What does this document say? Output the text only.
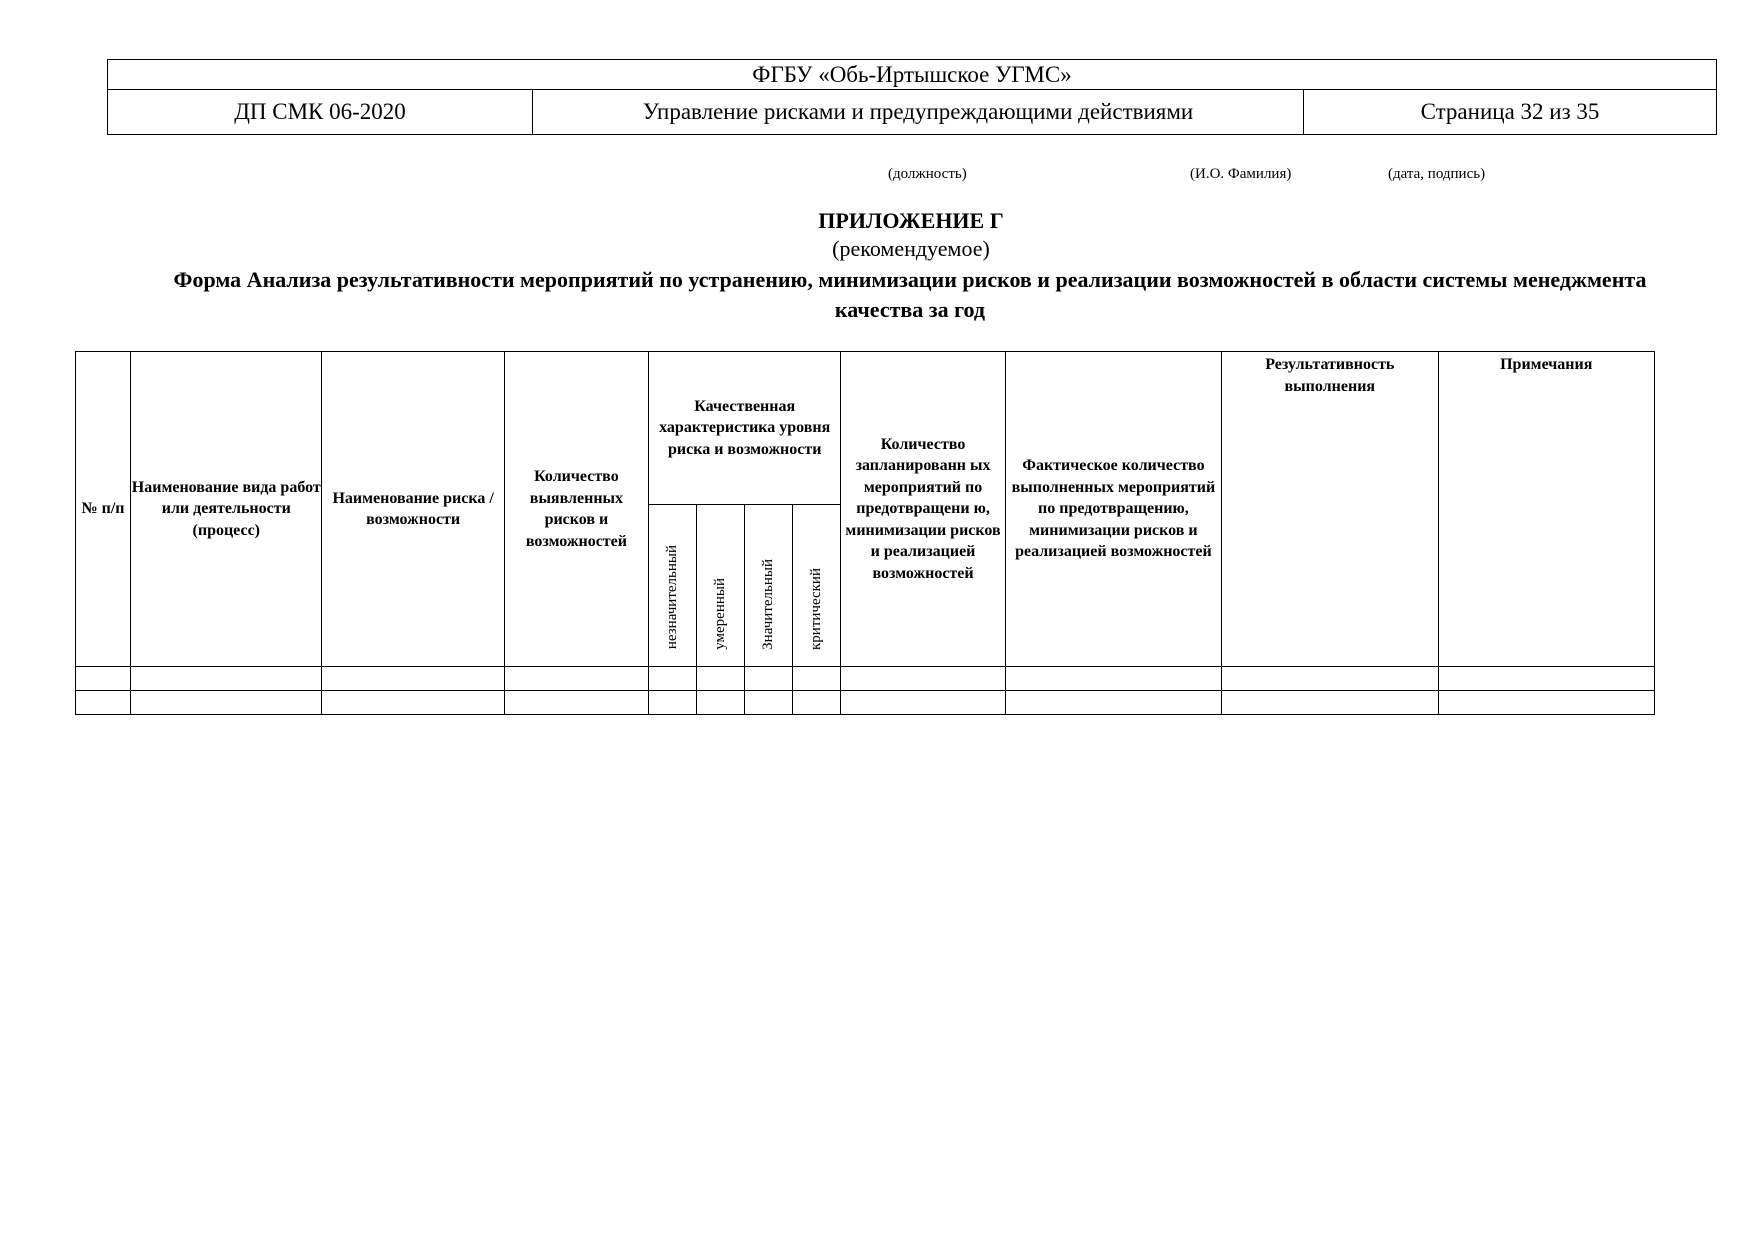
ФГБУ «Обь-Иртышское УГМС»
ДП СМК 06-2020	Управление рисками и предупреждающими действиями	Страница 32 из 35
(должность)	(И.О. Фамилия)	(дата, подпись)
ПРИЛОЖЕНИЕ Г
(рекомендуемое)
Форма Анализа результативности мероприятий по устранению, минимизации рисков и реализации возможностей в области системы менеджмента качества за год
№ п/п	Наименование вида работ или деятельности (процесс)	Наименование риска / возможности	Количество выявленных рисков и возможностей	Качественная характеристика уровня риска и возможности				Количество запланированн ых мероприятий по предотвращени ю, минимизации рисков и реализацией возможностей	Фактическое количество выполненных мероприятий по предотвращению, минимизации рисков и реализацией возможностей	Результативность выполнения	Примечания
				незначительный	умеренный	Значительный	критический				
